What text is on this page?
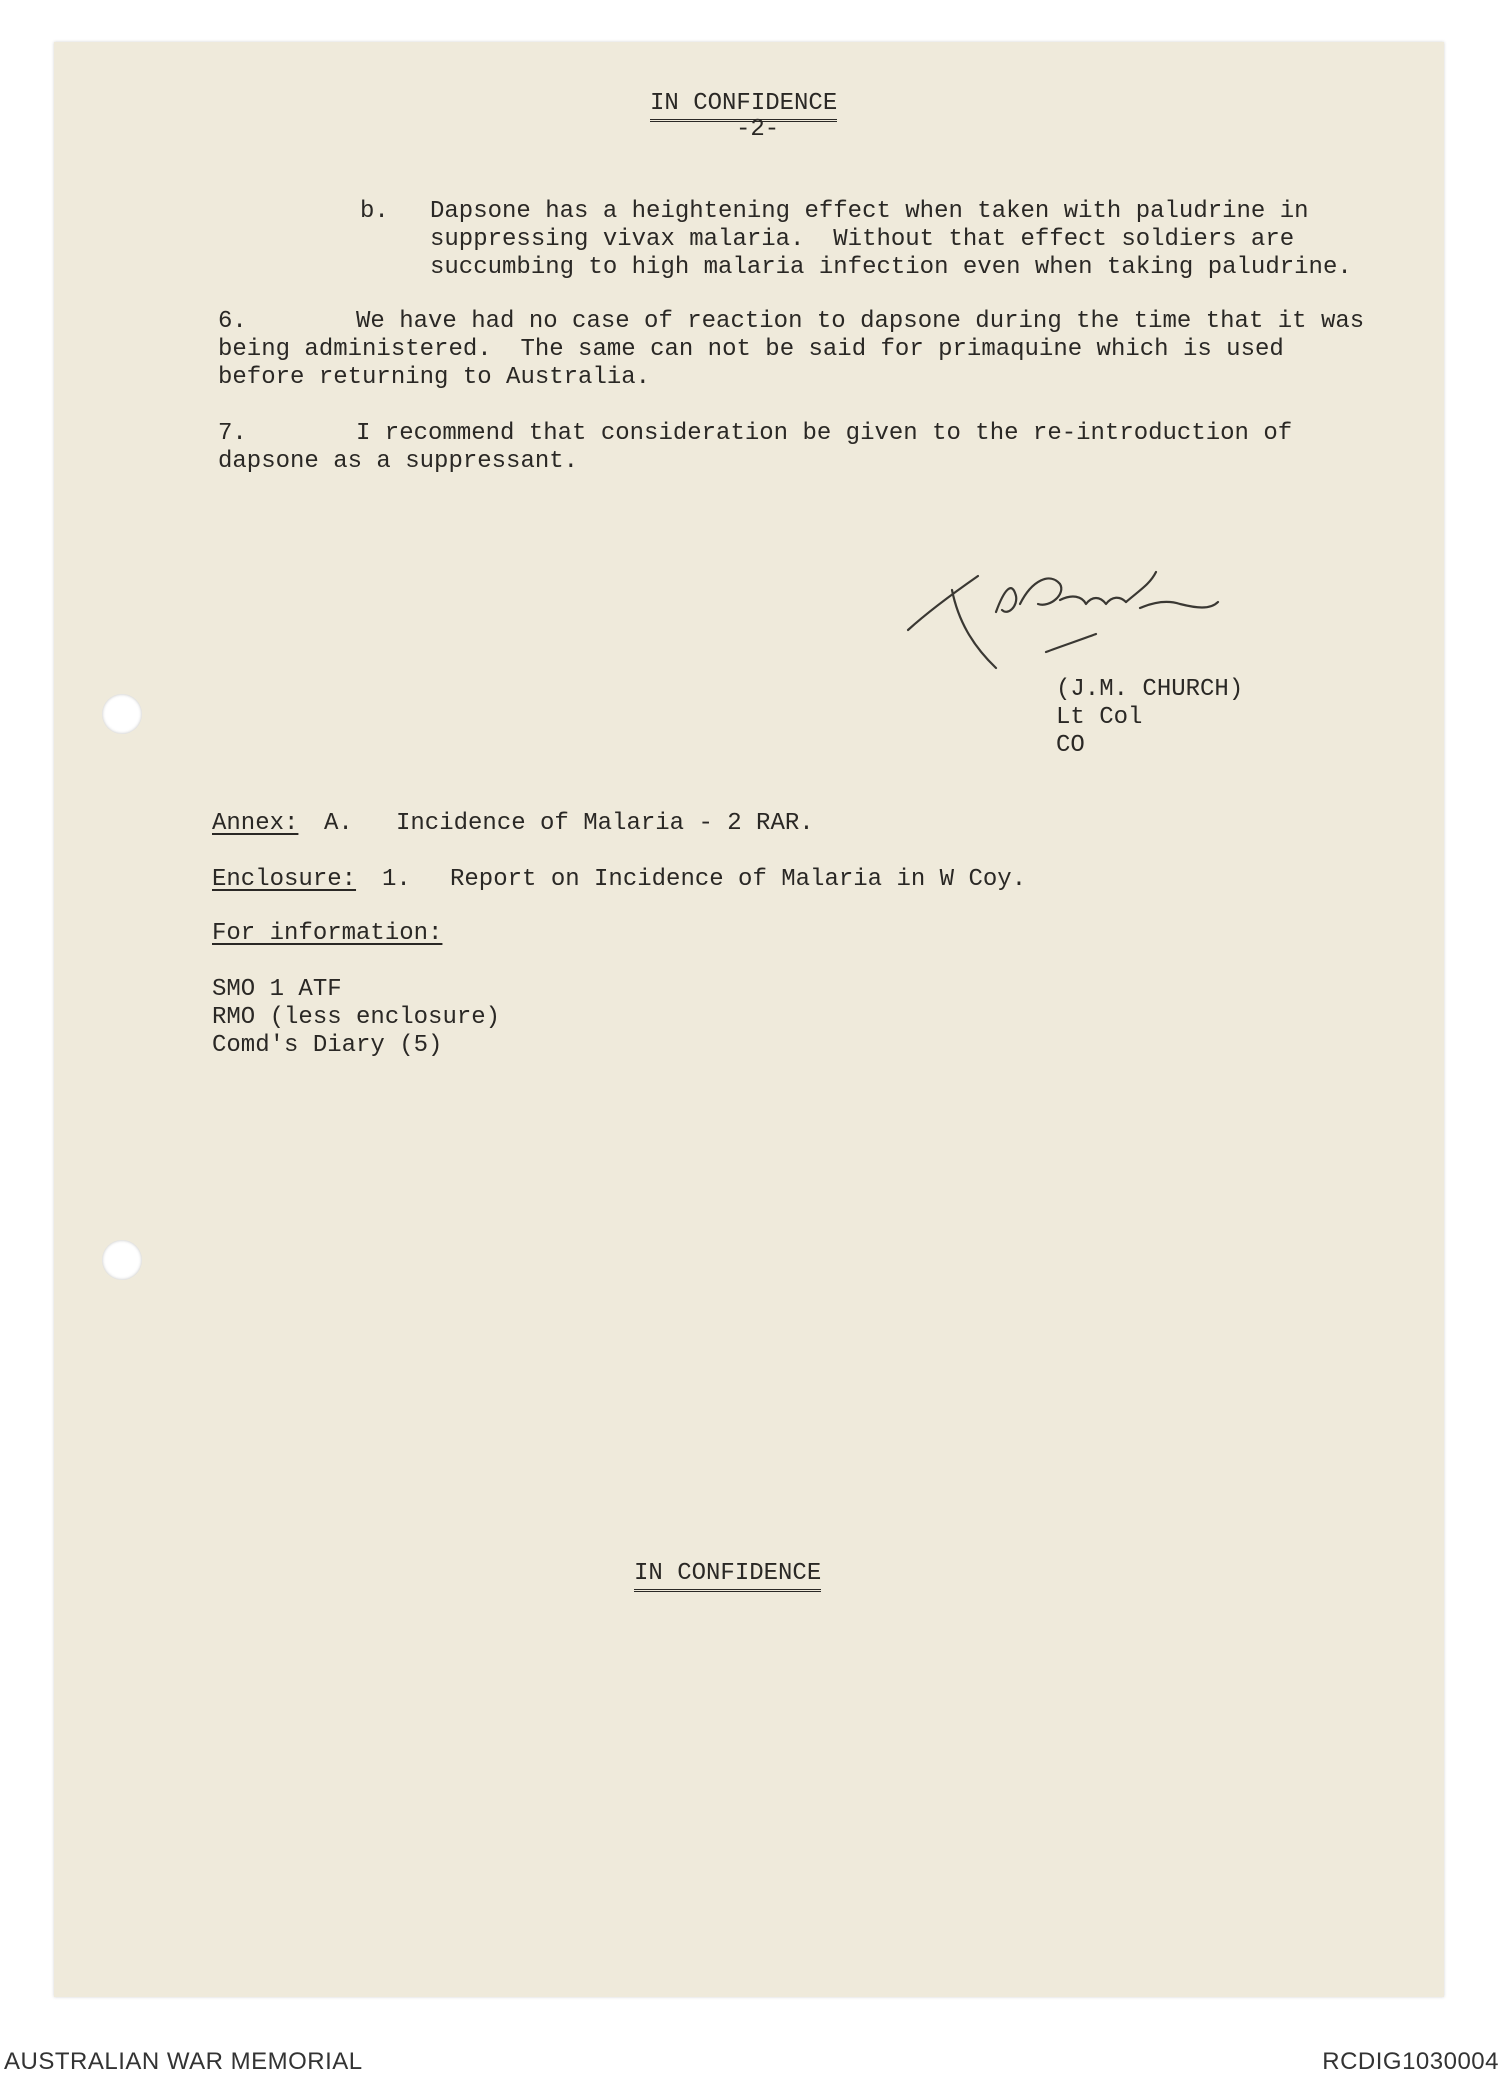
IN CONFIDENCE

-2-

b. Dapsone has a heightening effect when taken with paludrine in

suppressing vivax malaria.  Without that effect soldiers are

succumbing to high malaria infection even when taking paludrine.

6.	We have had no case of reaction to dapsone during the time that it was

being administered.  The same can not be said for primaquine which is used

before returning to Australia.

7.	I recommend that consideration be given to the re-introduction of

dapsone as a suppressant.

(J.M. CHURCH)

Lt Col

CO

Annex: A. Incidence of Malaria - 2 RAR.

Enclosure: 1. Report on Incidence of Malaria in W Coy.

For information:

SMO 1 ATF

RMO (less enclosure)

Comd's Diary (5)

IN CONFIDENCE

AUSTRALIAN WAR MEMORIAL	RCDIG1030004
